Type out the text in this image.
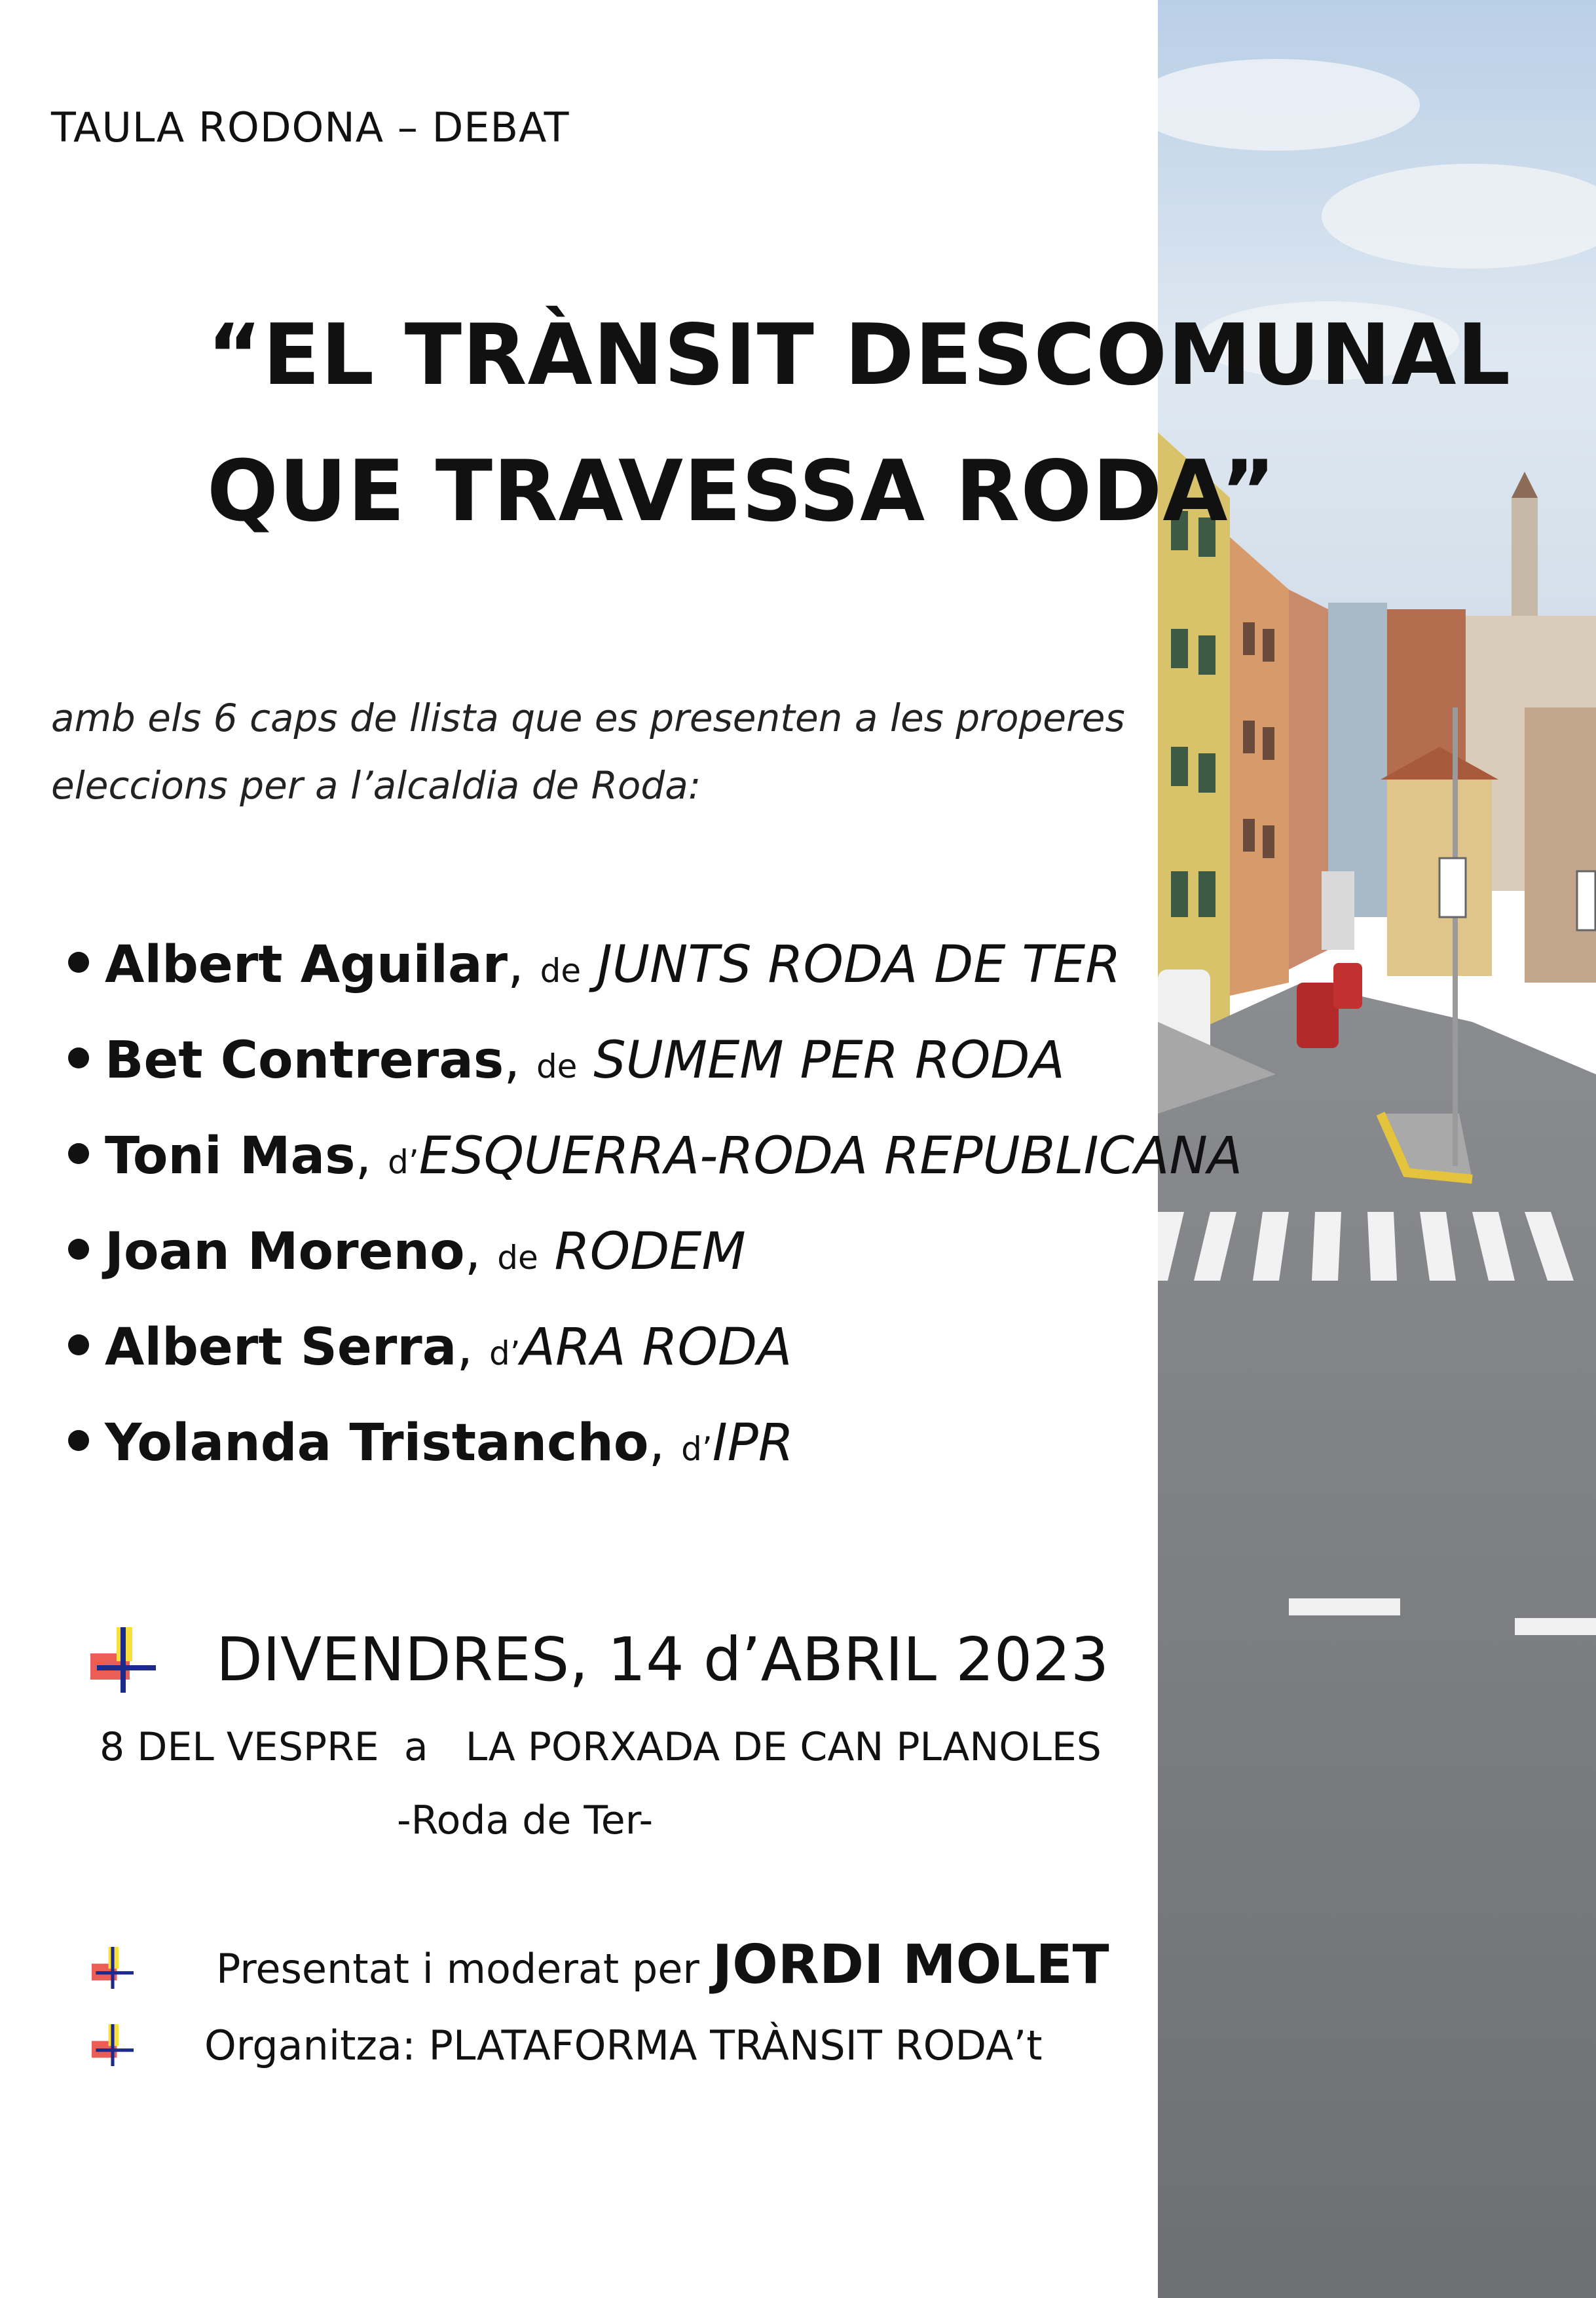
TAULA RODONA – DEBAT
“EL TRÀNSIT DESCOMUNAL
QUE TRAVESSA RODA”
amb els 6 caps de llista que es presenten a les properes
eleccions per a l’alcaldia de Roda:
Albert Aguilar, de JUNTS RODA DE TER
Bet Contreras, de SUMEM PER RODA
Toni Mas, d’ESQUERRA-RODA REPUBLICANA
Joan Moreno, de RODEM
Albert Serra, d’ARA RODA
Yolanda Tristancho, d’IPR
DIVENDRES, 14 d’ABRIL 2023
8 DEL VESPRE  a   LA PORXADA DE CAN PLANOLES
-Roda de Ter-
Presentat i moderat per JORDI MOLET
Organitza: PLATAFORMA TRÀNSIT RODA’t
